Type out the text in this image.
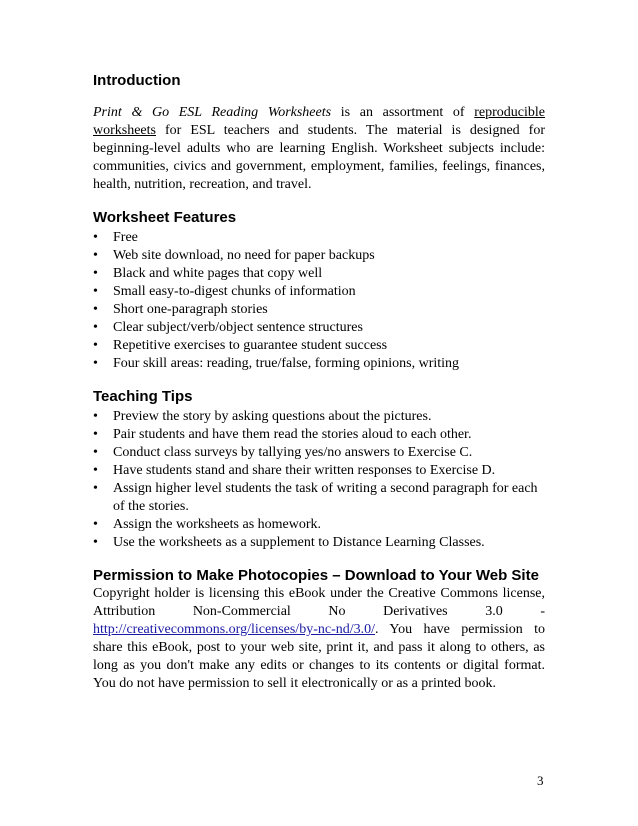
Introduction

Print & Go ESL Reading Worksheets is an assortment of reproducible worksheets for ESL teachers and students. The material is designed for beginning-level adults who are learning English. Worksheet subjects include: communities, civics and government, employment, families, feelings, finances, health, nutrition, recreation, and travel.

Worksheet Features
•	Free
•	Web site download, no need for paper backups
•	Black and white pages that copy well
•	Small easy-to-digest chunks of information
•	Short one-paragraph stories
•	Clear subject/verb/object sentence structures
•	Repetitive exercises to guarantee student success
•	Four skill areas: reading, true/false, forming opinions, writing
Teaching Tips
•	Preview the story by asking questions about the pictures.
•	Pair students and have them read the stories aloud to each other.
•	Conduct class surveys by tallying yes/no answers to Exercise C.
•	Have students stand and share their written responses to Exercise D.
•	Assign higher level students the task of writing a second paragraph for each of the stories.
•	Assign the worksheets as homework.
•	Use the worksheets as a supplement to Distance Learning Classes.
Permission to Make Photocopies – Download to Your Web Site

Copyright holder is licensing this eBook under the Creative Commons license, Attribution Non-Commercial No Derivatives 3.0 - http://creativecommons.org/licenses/by-nc-nd/3.0/. You have permission to share this eBook, post to your web site, print it, and pass it along to others, as long as you don't make any edits or changes to its contents or digital format. You do not have permission to sell it electronically or as a printed book.

3
